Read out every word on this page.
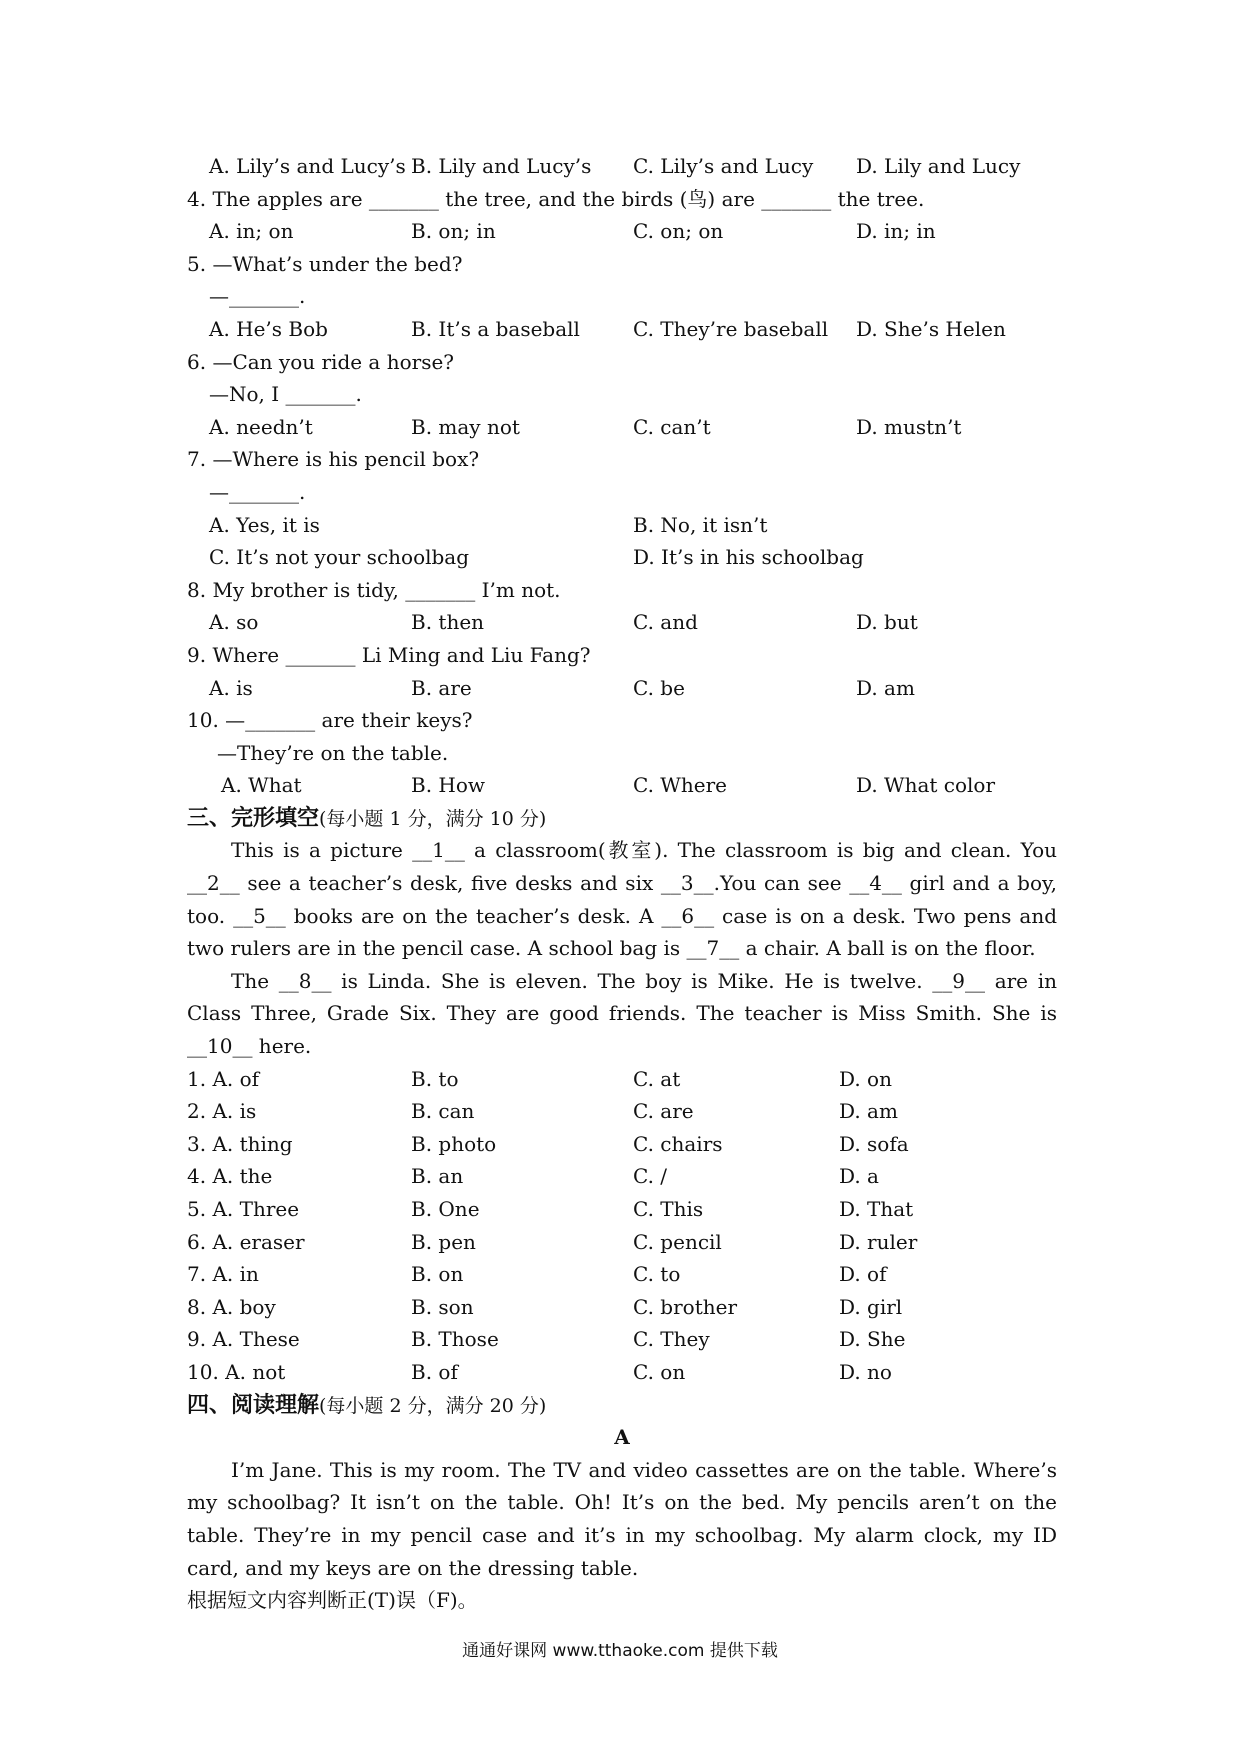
A. Lily’s and Lucy’s B. Lily and Lucy’s C. Lily’s and Lucy D. Lily and Lucy
4. The apples are _______ the tree, and the birds (鸟) are _______ the tree.
A. in; on	B. on; in	C. on; on	D. in; in
5. —What’s under the bed?
—_______.
A. He’s Bob	B. It’s a baseball	C. They’re baseball D. She’s Helen
6. —Can you ride a horse?
—No, I _______.
A. needn’t	B. may not	C. can’t	D. mustn’t
7. —Where is his pencil box?
—_______.
A. Yes, it is	B. No, it isn’t
C. It’s not your schoolbag	D. It’s in his schoolbag
8. My brother is tidy, _______ I’m not.
A. so	B. then	C. and	D. but
9. Where _______ Li Ming and Liu Fang?
A. is	B. are	C. be	D. am
10. —_______ are their keys?
—They’re on the table.
A. What	B. How	C. Where	D. What color
三、完形填空(每小题 1 分，满分 10 分)

This is a picture __1__ a classroom(教室). The classroom is big and clean. You __2__ see a teacher’s desk, five desks and six __3__.You can see __4__ girl and a boy, too. __5__ books are on the teacher’s desk. A __6__ case is on a desk. Two pens and two rulers are in the pencil case. A school bag is __7__ a chair. A ball is on the floor.

The __8__ is Linda. She is eleven. The boy is Mike. He is twelve. __9__ are in Class Three, Grade Six. They are good friends. The teacher is Miss Smith. She is __10__ here.

1. A. of	B. to	C. at	D. on
2. A. is	B. can	C. are	D. am
3. A. thing	B. photo	C. chairs	D. sofa
4. A. the	B. an	C. /	D. a
5. A. Three	B. One	C. This	D. That
6. A. eraser	B. pen	C. pencil	D. ruler
7. A. in	B. on	C. to	D. of
8. A. boy	B. son	C. brother	D. girl
9. A. These	B. Those	C. They	D. She
10. A. not	B. of	C. on	D. no
四、阅读理解(每小题 2 分，满分 20 分)
A

I’m Jane. This is my room. The TV and video cassettes are on the table. Where’s my schoolbag? It isn’t on the table. Oh! It’s on the bed. My pencils aren’t on the table. They’re in my pencil case and it’s in my schoolbag. My alarm clock, my ID card, and my keys are on the dressing table.

根据短文内容判断正(T)误（F)。
通通好课网 www.tthaoke.com 提供下载
